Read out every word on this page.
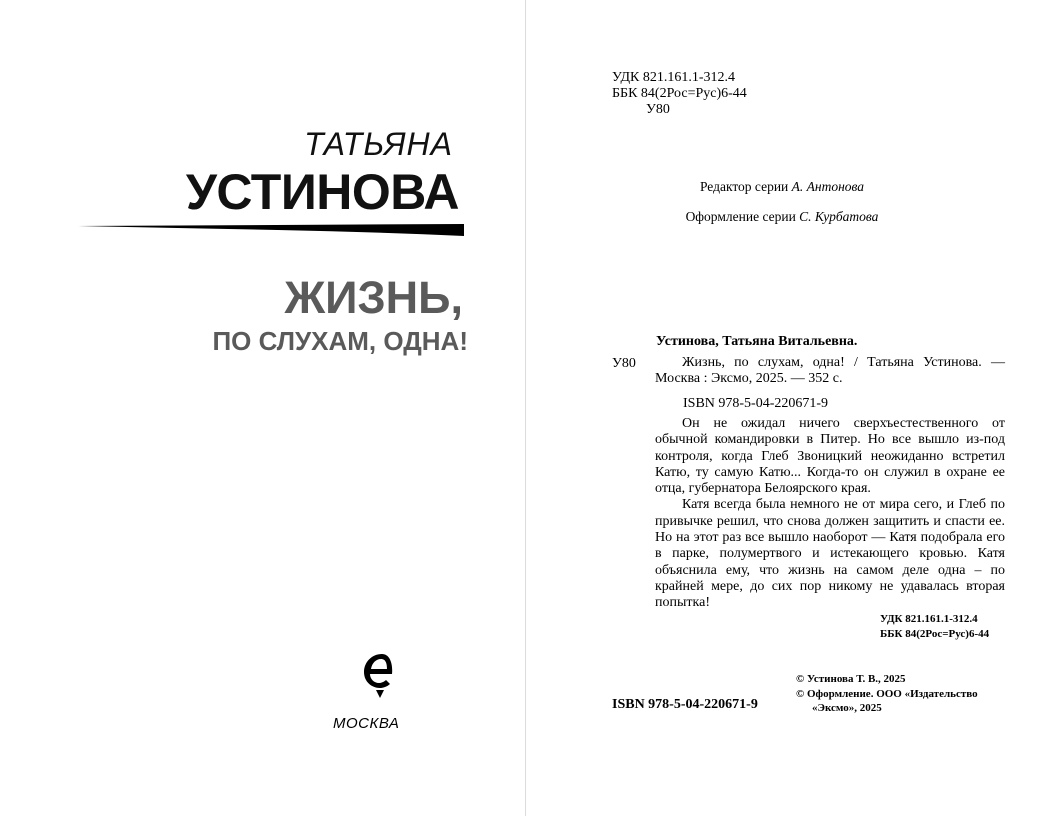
ТАТЬЯНА
УСТИНОВА
ЖИЗНЬ,
ПО СЛУХАМ, ОДНА!
МОСКВА
УДК 821.161.1-312.4
ББК 84(2Рос=Рус)6-44
У80
Редактор серии А. Антонова
Оформление серии С. Курбатова
Устинова, Татьяна Витальевна.
У80	Жизнь, по слухам, одна! / Татьяна Устинова. — Москва : Эксмо, 2025. — 352 с.
ISBN 978-5-04-220671-9

Он не ожидал ничего сверхъестественного от обычной командировки в Питер. Но все вышло из-под контроля, когда Глеб Звоницкий неожиданно встретил Катю, ту самую Катю... Когда-то он служил в охране ее отца, губернатора Белоярского края.

Катя всегда была немного не от мира сего, и Глеб по привычке решил, что снова должен защитить и спасти ее. Но на этот раз все вышло наоборот — Катя подобрала его в парке, полумертвого и истекающего кровью. Катя объяснила ему, что жизнь на самом деле одна – по крайней мере, до сих пор никому не удавалась вторая попытка!

УДК 821.161.1-312.4
ББК 84(2Рос=Рус)6-44
© Устинова Т. В., 2025
© Оформление. ООО «Издательство
«Эксмо», 2025
ISBN 978-5-04-220671-9
